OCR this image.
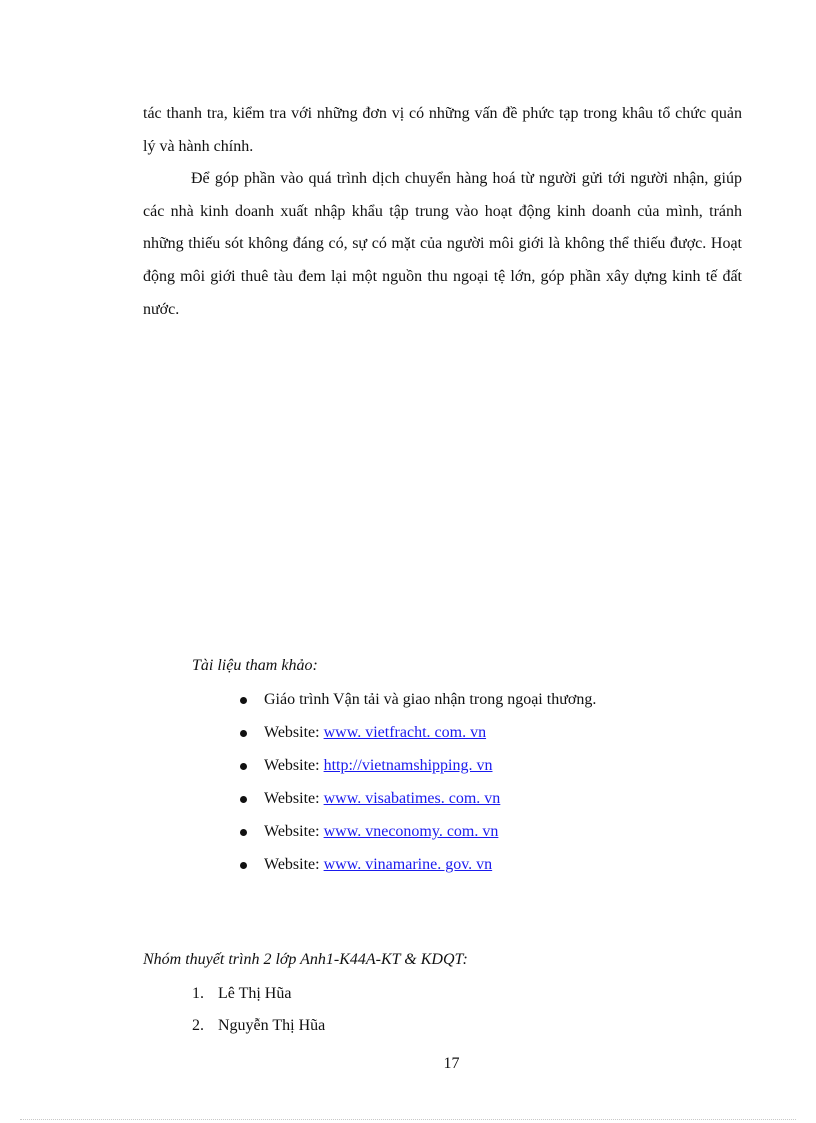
tác thanh tra, kiểm tra với những đơn vị có những vấn đề phức tạp trong khâu tổ chức quản lý và hành chính.

Để góp phần vào quá trình dịch chuyển hàng hoá từ người gửi tới người nhận, giúp các nhà kinh doanh xuất nhập khẩu tập trung vào hoạt động kinh doanh của mình, tránh những thiếu sót không đáng có, sự có mặt của người môi giới là không thể thiếu được. Hoạt động môi giới thuê tàu đem lại một nguồn thu ngoại tệ lớn, góp phần xây dựng kinh tế đất nước.

Tài liệu tham khảo:
Giáo trình Vận tải và giao nhận trong ngoại thương.
Website: www. vietfracht. com. vn
Website: http://vietnamshipping. vn
Website: www. visabatimes. com. vn
Website: www. vneconomy. com. vn
Website: www. vinamarine. gov. vn
Nhóm thuyết trình 2 lớp Anh1-K44A-KT & KDQT:
1. Lê Thị Hũa
2. Nguyễn Thị Hũa
17
